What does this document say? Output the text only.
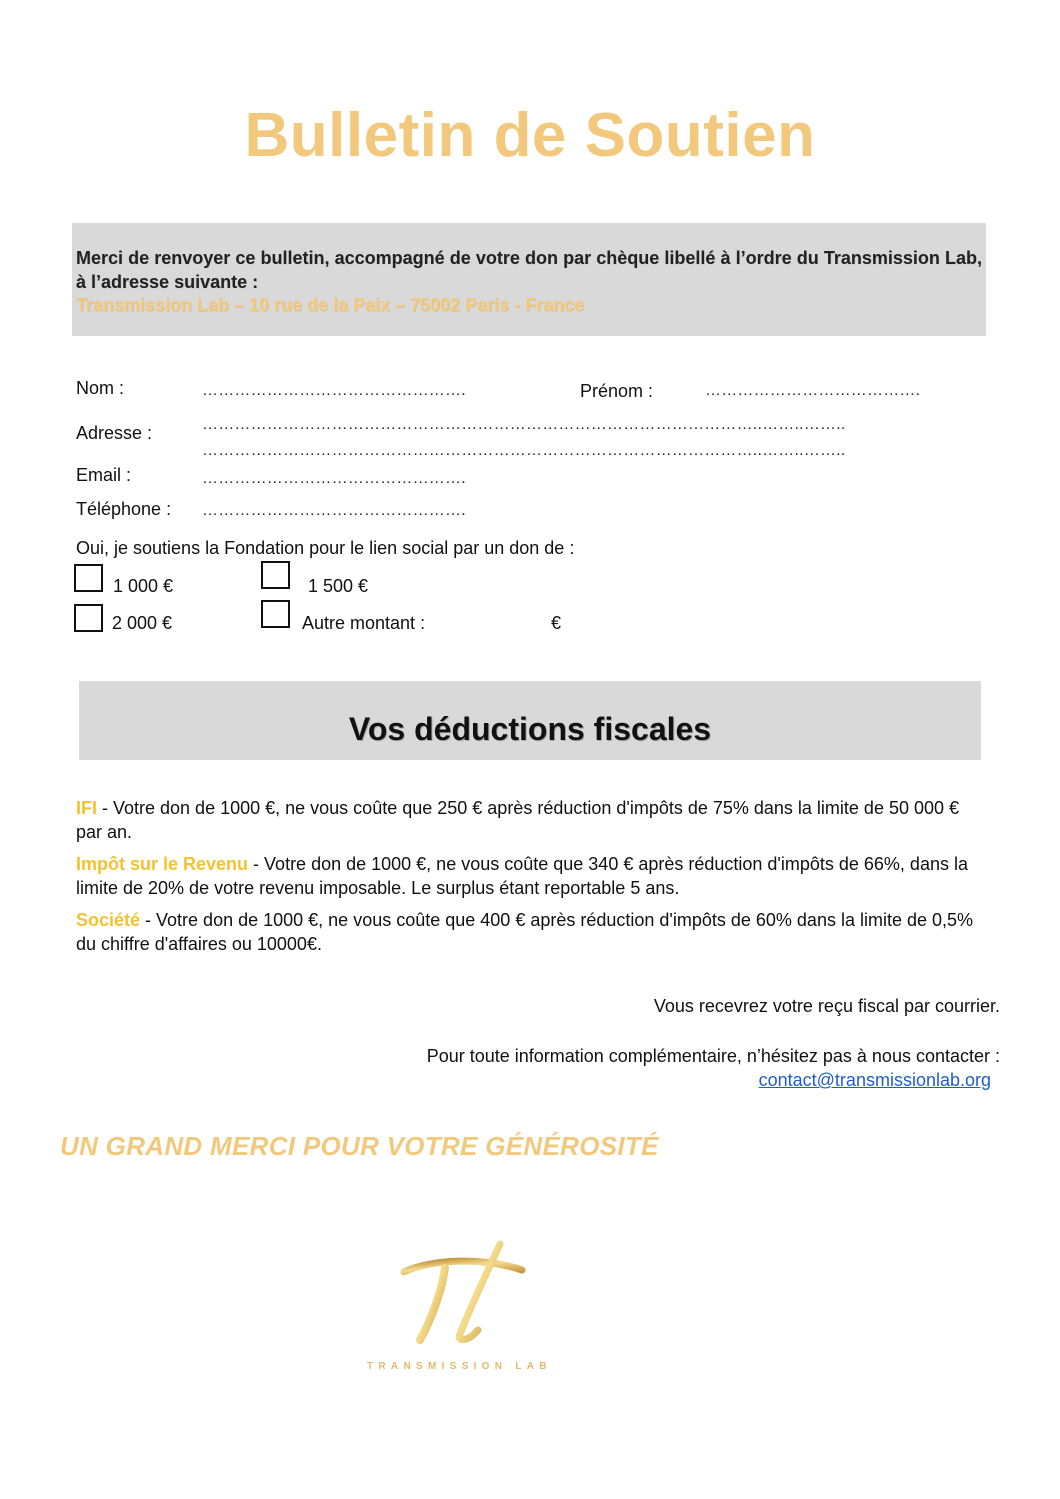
Bulletin de Soutien
Merci de renvoyer ce bulletin, accompagné de votre don par chèque libellé à l’ordre du Transmission Lab, à l’adresse suivante :
Transmission Lab – 10 rue de la Paix – 75002 Paris - France
Nom :	………………………………………….	Prénom :	………………………………….
Adresse :	…………………………………………………………………………………………..……..……..
…………………………………………………………………………………………..……..……..
Email :	………………………………………….
Téléphone : ………………………………………….
Oui, je soutiens la Fondation pour le lien social par un don de :
1 000 €	1 500 €
2 000 €	Autre montant :	€
Vos déductions fiscales
IFI - Votre don de 1000 €, ne vous coûte que 250 € après réduction d'impôts de 75% dans la limite de 50 000 € par an.
Impôt sur le Revenu - Votre don de 1000 €, ne vous coûte que 340 € après réduction d'impôts de 66%, dans la limite de 20% de votre revenu imposable. Le surplus étant reportable 5 ans.
Société - Votre don de 1000 €, ne vous coûte que 400 € après réduction d'impôts de 60% dans la limite de 0,5% du chiffre d'affaires ou 10000€.
Vous recevrez votre reçu fiscal par courrier.
Pour toute information complémentaire, n’hésitez pas à nous contacter :
contact@transmissionlab.org
UN GRAND MERCI POUR VOTRE GÉNÉROSITÉ
TRANSMISSION LAB
